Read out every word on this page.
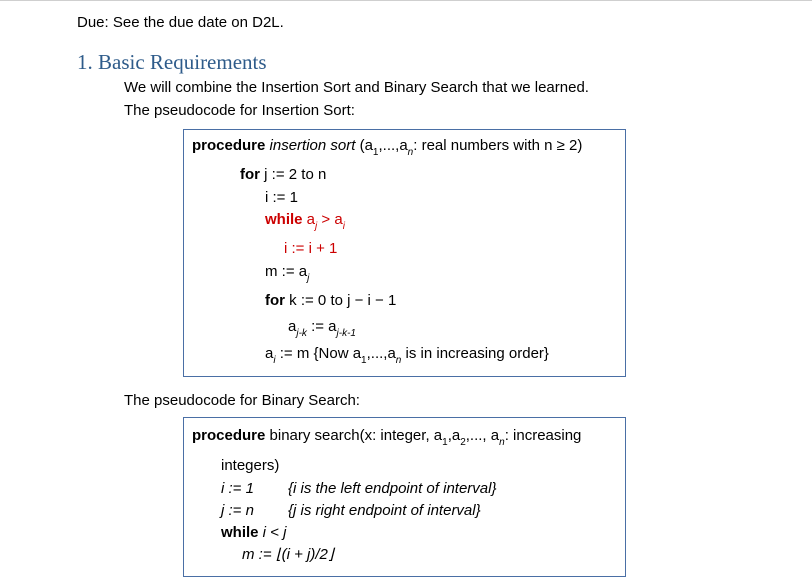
Due: See the due date on D2L.
1. Basic Requirements
We will combine the Insertion Sort and Binary Search that we learned.
The pseudocode for Insertion Sort:
procedure insertion sort ($a_1,...,a_n$: real numbers with n ≥ 2)
for j := 2 to n
i := 1
while $a_j > a_i$
i := i + 1
m := $a_j$
for k := 0 to j − i − 1
$a_{j-k}$ := $a_{j-k-1}$
$a_i$ := m {Now $a_1,...,a_n$ is in increasing order}
The pseudocode for Binary Search:
procedure binary search(x: integer, $a_1,a_2$,..., $a_n$: increasing
integers)
i := 1 {i is the left endpoint of interval}
j := n {j is right endpoint of interval}
while i < j
m := ⌊(i + j)/2⌋
